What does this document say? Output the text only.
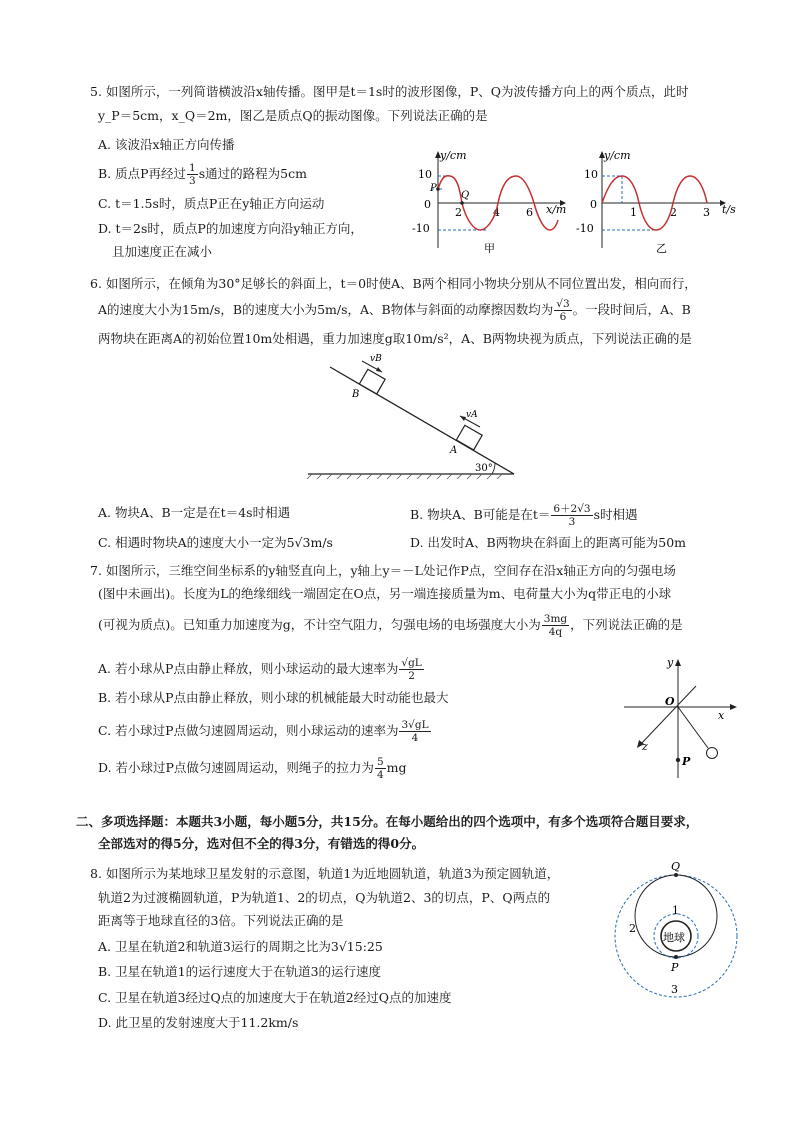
5. 如图所示，一列简谐横波沿x轴传播。图甲是t＝1s时的波形图像，P、Q为波传播方向上的两个质点，此时
y_P＝5cm，x_Q＝2m，图乙是质点Q的振动图像。下列说法正确的是
A. 该波沿x轴正方向传播
B. 质点P再经过 $\frac{1}{3}$ s通过的路程为5cm
C. t＝1.5s时，质点P正在y轴正方向运动
D. t＝2s时，质点P的加速度方向沿y轴正方向，
且加速度正在减小
y/cm
x/m
10
-10
0
2	4 6
P
Q
甲
y/cm
t/s
10
-10
0
1	2 3
乙
6. 如图所示，在倾角为30°足够长的斜面上，t＝0时使A、B两个相同小物块分别从不同位置出发，相向而行，
A的速度大小为15m/s，B的速度大小为5m/s，A、B物体与斜面的动摩擦因数均为 $\frac{√3}{6}$ 。一段时间后，A、B
两物块在距离A的初始位置10m处相遇，重力加速度g取10m/s²，A、B两物块视为质点，下列说法正确的是
30°
vB
B
vA
A
A. 物块A、B一定是在t＝4s时相遇	B. 物块A、B可能是在$t= \frac{6+2√3}{3}$ s时相遇
C. 相遇时物块A的速度大小一定为5√3m/s	D. 出发时A、B两物块在斜面上的距离可能为50m
7. 如图所示，三维空间坐标系的y轴竖直向上，y轴上y＝－L处记作P点，空间存在沿x轴正方向的匀强电场
(图中未画出)。长度为L的绝缘细线一端固定在O点，另一端连接质量为m、电荷量大小为q带正电的小球
(可视为质点)。已知重力加速度为g，不计空气阻力，匀强电场的电场强度大小为 $\frac{3mg}{4q}$ ，下列说法正确的是
A. 若小球从P点由静止释放，则小球运动的最大速率为 $\frac{√gL}{2}$
B. 若小球从P点由静止释放，则小球的机械能最大时动能也最大
C. 若小球过P点做匀速圆周运动，则小球运动的速率为 $\frac{3√gL}{4}$
D. 若小球过P点做匀速圆周运动，则绳子的拉力为 $\frac{5}{4}$ mg
y
x
z
O
P
二、多项选择题：本题共3小题，每小题5分，共15分。在每小题给出的四个选项中，有多个选项符合题目要求，
全部选对的得5分，选对但不全的得3分，有错选的得0分。
8. 如图所示为某地球卫星发射的示意图，轨道1为近地圆轨道，轨道3为预定圆轨道，
轨道2为过渡椭圆轨道，P为轨道1、2的切点，Q为轨道2、3的切点，P、Q两点的
距离等于地球直径的3倍。下列说法正确的是
A. 卫星在轨道2和轨道3运行的周期之比为3√15:25
B. 卫星在轨道1的运行速度大于在轨道3的运行速度
C. 卫星在轨道3经过Q点的加速度大于在轨道2经过Q点的加速度
D. 此卫星的发射速度大于11.2km/s
地球
Q
P
1
2
3
